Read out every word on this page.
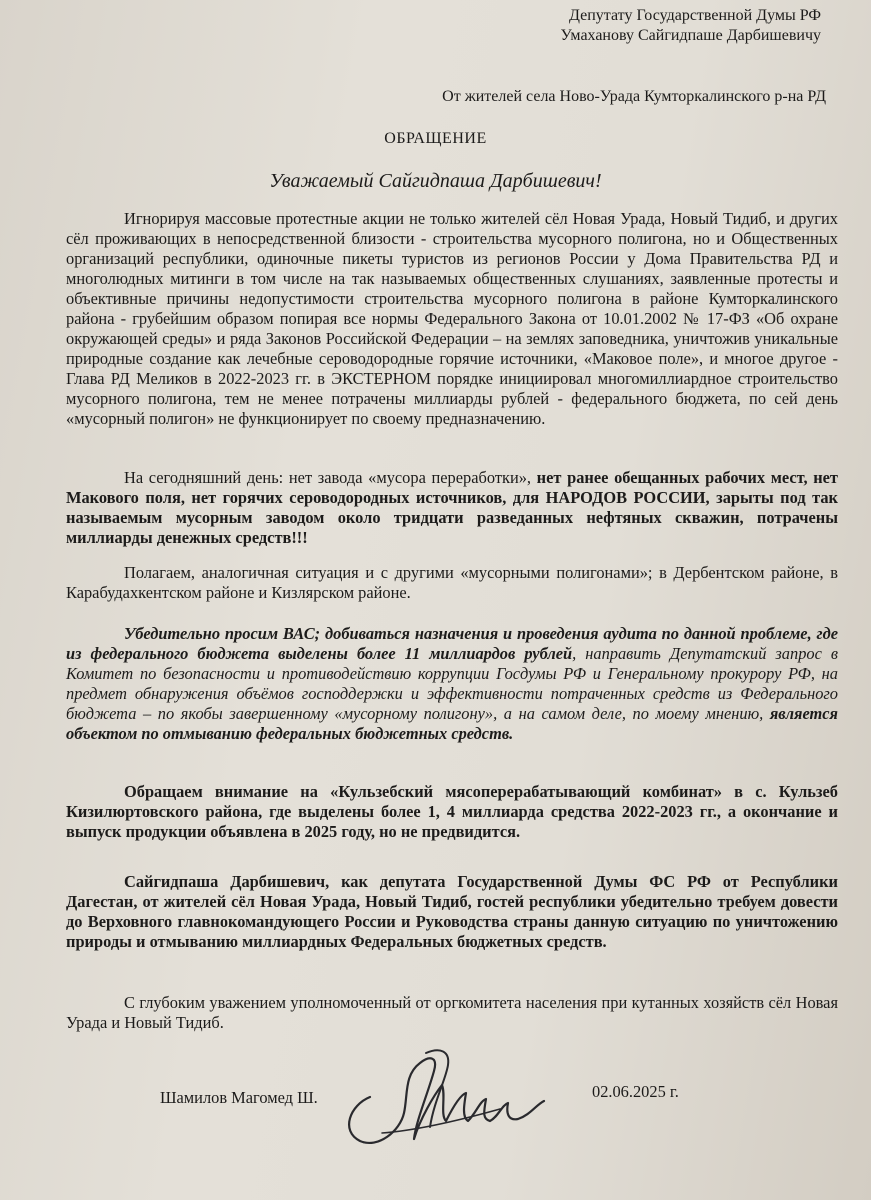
Депутату Государственной Думы РФ
Умаханову Сайгидпаше Дарбишевичу
От жителей села Ново-Урада Кумторкалинского р-на РД
ОБРАЩЕНИЕ
Уважаемый Сайгидпаша Дарбишевич!

Игнорируя массовые протестные акции не только жителей сёл Новая Урада, Новый Тидиб, и других сёл проживающих в непосредственной близости - строительства мусорного полигона, но и Общественных организаций республики, одиночные пикеты туристов из регионов России у Дома Правительства РД и многолюдных митинги в том числе на так называемых общественных слушаниях, заявленные протесты и объективные причины недопустимости строительства мусорного полигона в районе Кумторкалинского района - грубейшим образом попирая все нормы Федерального Закона от 10.01.2002 № 17-ФЗ «Об охране окружающей среды» и ряда Законов Российской Федерации – на землях заповедника, уничтожив уникальные природные создание как лечебные сероводородные горячие источники, «Маковое поле», и многое другое - Глава РД Меликов в 2022-2023 гг. в ЭКСТЕРНОМ порядке инициировал многомиллиардное строительство мусорного полигона, тем не менее потрачены миллиарды рублей - федерального бюджета, по сей день «мусорный полигон» не функционирует по своему предназначению.

На сегодняшний день: нет завода «мусора переработки», нет ранее обещанных рабочих мест, нет Макового поля, нет горячих сероводородных источников, для НАРОДОВ РОССИИ, зарыты под так называемым мусорным заводом около тридцати разведанных нефтяных скважин, потрачены миллиарды денежных средств!!!

Полагаем, аналогичная ситуация и с другими «мусорными полигонами»; в Дербентском районе, в Карабудахкентском районе и Кизлярском районе.

Убедительно просим ВАС; добиваться назначения и проведения аудита по данной проблеме, где из федерального бюджета выделены более 11 миллиардов рублей, направить Депутатский запрос в Комитет по безопасности и противодействию коррупции Госдумы РФ и Генеральному прокурору РФ, на предмет обнаружения объёмов господдержки и эффективности потраченных средств из Федерального бюджета – по якобы завершенному «мусорному полигону», а на самом деле, по моему мнению, является объектом по отмыванию федеральных бюджетных средств.

Обращаем внимание на «Кульзебский мясоперерабатывающий комбинат» в с. Кульзеб Кизилюртовского района, где выделены более 1, 4 миллиарда средства 2022-2023 гг., а окончание и выпуск продукции объявлена в 2025 году, но не предвидится.

Сайгидпаша Дарбишевич, как депутата Государственной Думы ФС РФ от Республики Дагестан, от жителей сёл Новая Урада, Новый Тидиб, гостей республики убедительно требуем довести до Верховного главнокомандующего России и Руководства страны данную ситуацию по уничтожению природы и отмыванию миллиардных Федеральных бюджетных средств.

С глубоким уважением уполномоченный от оргкомитета населения при кутанных хозяйств сёл Новая Урада и Новый Тидиб.

Шамилов Магомед Ш.	02.06.2025 г.
